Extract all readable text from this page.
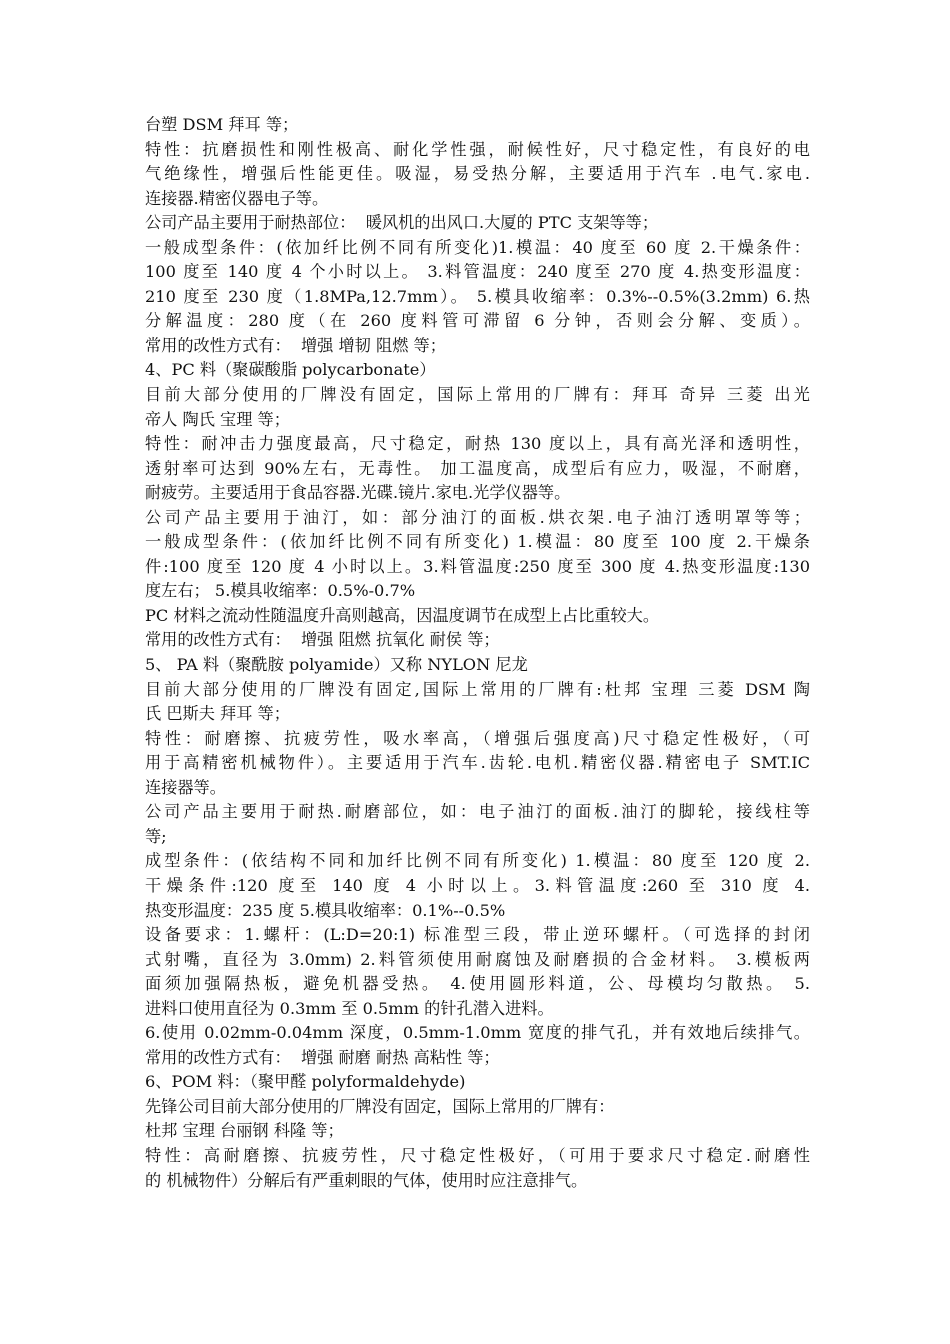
台塑 DSM 拜耳 等；
特性：抗磨损性和刚性极高、耐化学性强，耐候性好，尺寸稳定性，有良好的电
气绝缘性，增强后性能更佳。吸湿，易受热分解，主要适用于汽车 .电气.家电.
连接器.精密仪器电子等。
公司产品主要用于耐热部位：  暖风机的出风口.大厦的 PTC 支架等等；
一般成型条件：(依加纤比例不同有所变化)1.模温：40 度至 60 度 2.干燥条件：
100 度至 140 度 4 个小时以上。 3.料管温度：240 度至 270 度 4.热变形温度：
210 度至 230 度（1.8MPa,12.7mm）。 5.模具收缩率：0.3%--0.5%(3.2mm) 6.热
分解温度：280 度（在 260 度料管可滞留 6 分钟，否则会分解、变质）。
常用的改性方式有：  增强 增韧 阻燃 等；
4、PC 料（聚碳酸脂 polycarbonate）
目前大部分使用的厂牌没有固定，国际上常用的厂牌有：拜耳 奇异 三菱 出光
帝人 陶氏 宝理 等；
特性：耐冲击力强度最高，尺寸稳定，耐热 130 度以上，具有高光泽和透明性，
透射率可达到 90%左右，无毒性。 加工温度高，成型后有应力，吸湿，不耐磨，
耐疲劳。主要适用于食品容器.光碟.镜片.家电.光学仪器等。
公司产品主要用于油汀，如：部分油汀的面板.烘衣架.电子油汀透明罩等等；
一般成型条件：(依加纤比例不同有所变化) 1.模温：80 度至 100 度 2.干燥条
件:100 度至 120 度 4 小时以上。3.料管温度:250 度至 300 度 4.热变形温度:130
度左右； 5.模具收缩率：0.5%-0.7%
PC 材料之流动性随温度升高则越高，因温度调节在成型上占比重较大。
常用的改性方式有：  增强 阻燃 抗氧化 耐侯 等；
5、 PA 料（聚酰胺 polyamide）又称 NYLON 尼龙
目前大部分使用的厂牌没有固定,国际上常用的厂牌有:杜邦 宝理 三菱 DSM 陶
氏 巴斯夫 拜耳 等；
特性：耐磨擦、抗疲劳性，吸水率高，（增强后强度高)尺寸稳定性极好，（可
用于高精密机械物件）。主要适用于汽车.齿轮.电机.精密仪器.精密电子 SMT.IC
连接器等。
公司产品主要用于耐热.耐磨部位，如：电子油汀的面板.油汀的脚轮，接线柱等
等;
成型条件：(依结构不同和加纤比例不同有所变化) 1.模温：80 度至 120 度 2.
干燥条件:120 度至 140 度 4 小时以上。3.料管温度:260 至 310 度 4.
热变形温度：235 度 5.模具收缩率：0.1%--0.5%
设备要求：1.螺杆：(L:D=20:1) 标准型三段，带止逆环螺杆。（可选择的封闭
式射嘴，直径为 3.0mm) 2.料管须使用耐腐蚀及耐磨损的合金材料。 3.模板两
面须加强隔热板，避免机器受热。 4.使用圆形料道，公、母模均匀散热。 5.
进料口使用直径为 0.3mm 至 0.5mm 的针孔潜入进料。
6.使用 0.02mm-0.04mm 深度，0.5mm-1.0mm 宽度的排气孔，并有效地后续排气。
常用的改性方式有：  增强 耐磨 耐热 高粘性 等；
6、POM 料：（聚甲醛 polyformaldehyde)
先锋公司目前大部分使用的厂牌没有固定，国际上常用的厂牌有：
杜邦 宝理 台丽钢 科隆 等；
特性：高耐磨擦、抗疲劳性，尺寸稳定性极好，（可用于要求尺寸稳定.耐磨性
的 机械物件）分解后有严重刺眼的气体，使用时应注意排气。
